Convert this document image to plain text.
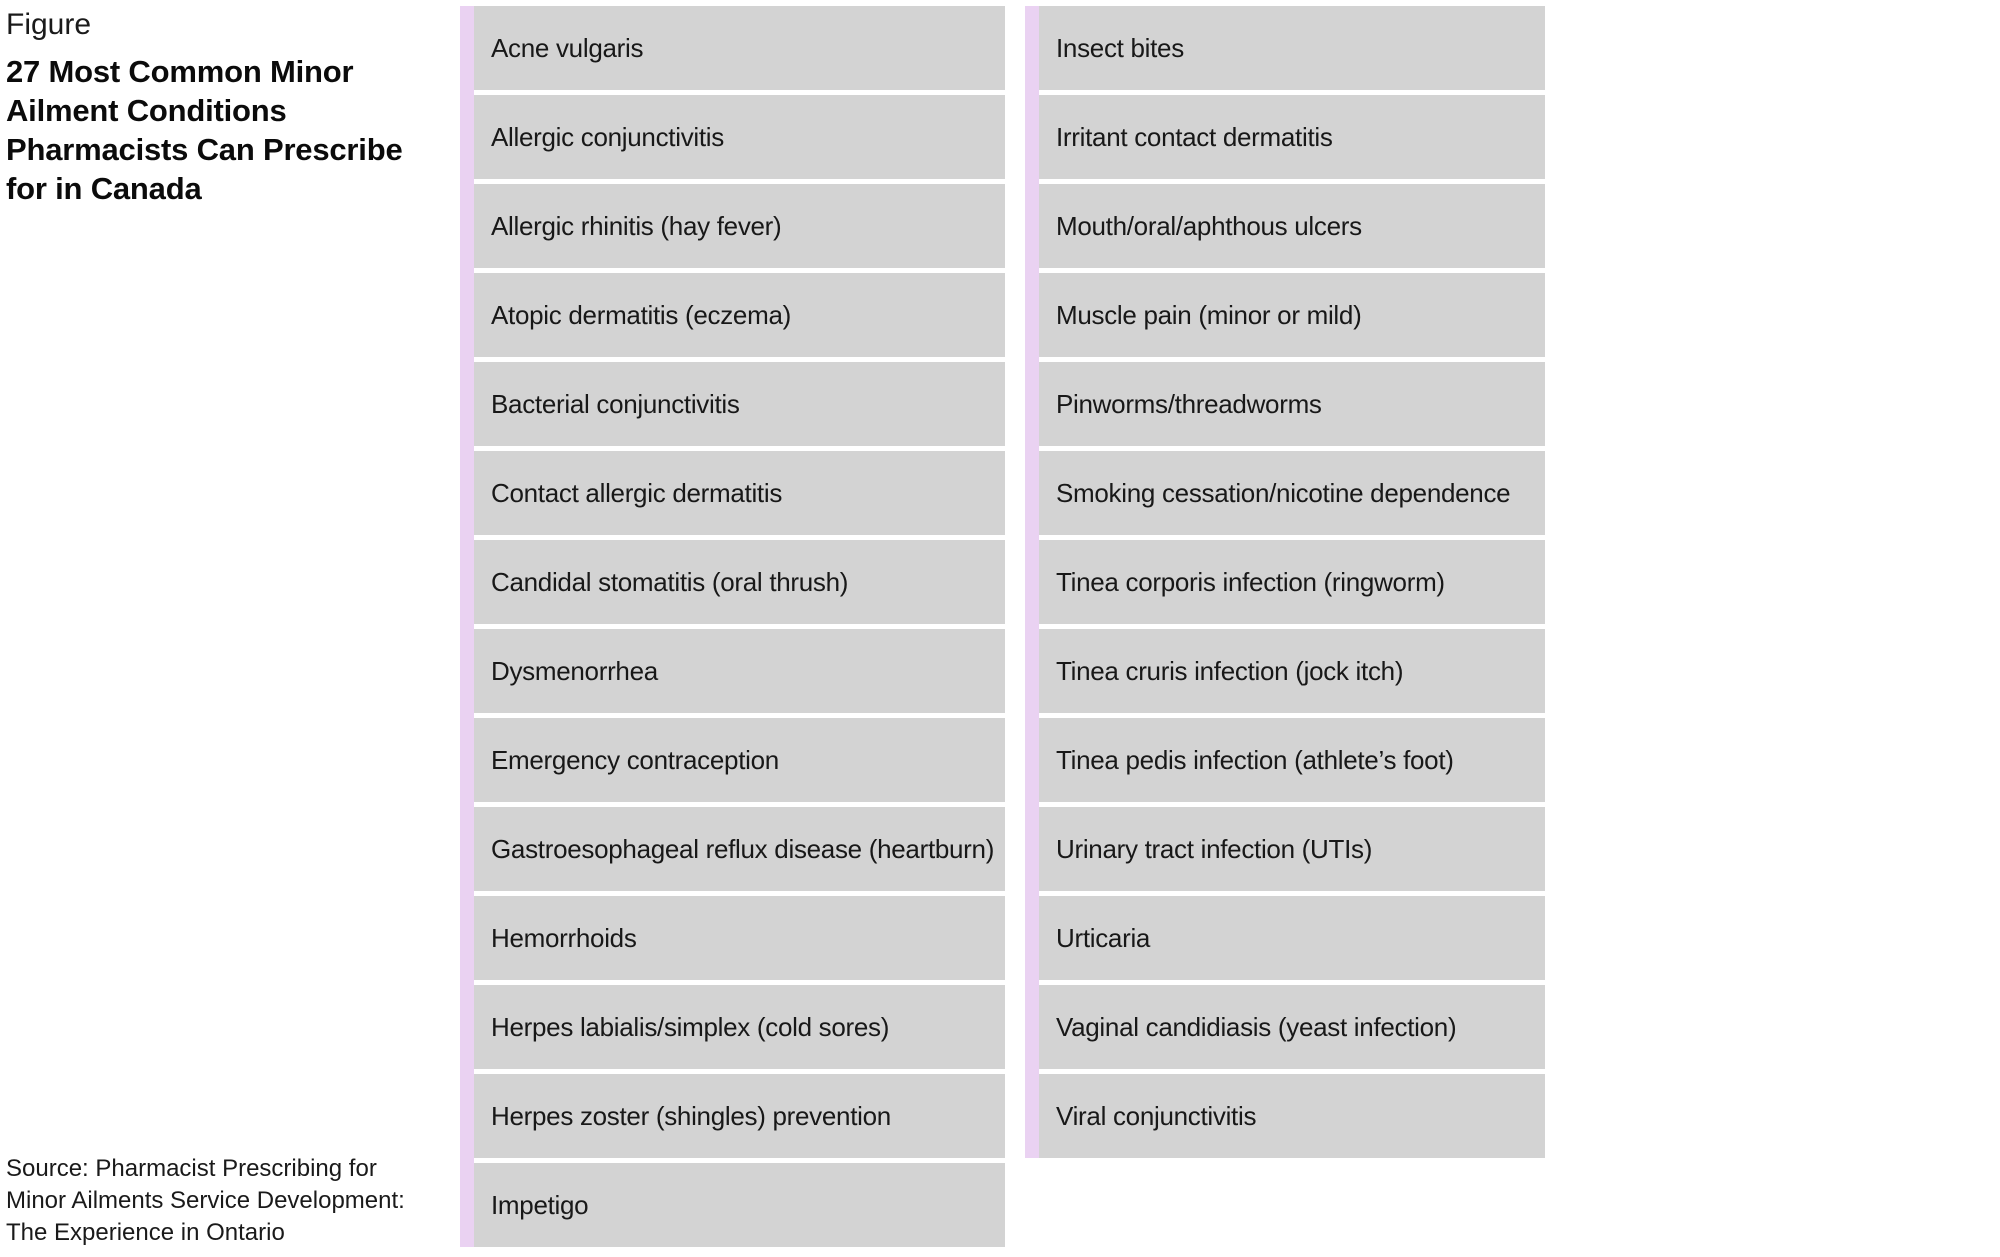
Figure
27 Most Common Minor
Ailment Conditions
Pharmacists Can Prescribe
for in Canada
Source: Pharmacist Prescribing for
Minor Ailments Service Development:
The Experience in Ontario
Acne vulgaris
Allergic conjunctivitis
Allergic rhinitis (hay fever)
Atopic dermatitis (eczema)
Bacterial conjunctivitis
Contact allergic dermatitis
Candidal stomatitis (oral thrush)
Dysmenorrhea
Emergency contraception
Gastroesophageal reflux disease (heartburn)
Hemorrhoids
Herpes labialis/simplex (cold sores)
Herpes zoster (shingles) prevention
Impetigo
Insect bites
Irritant contact dermatitis
Mouth/oral/aphthous ulcers
Muscle pain (minor or mild)
Pinworms/threadworms
Smoking cessation/nicotine dependence
Tinea corporis infection (ringworm)
Tinea cruris infection (jock itch)
Tinea pedis infection (athlete’s foot)
Urinary tract infection (UTIs)
Urticaria
Vaginal candidiasis (yeast infection)
Viral conjunctivitis
